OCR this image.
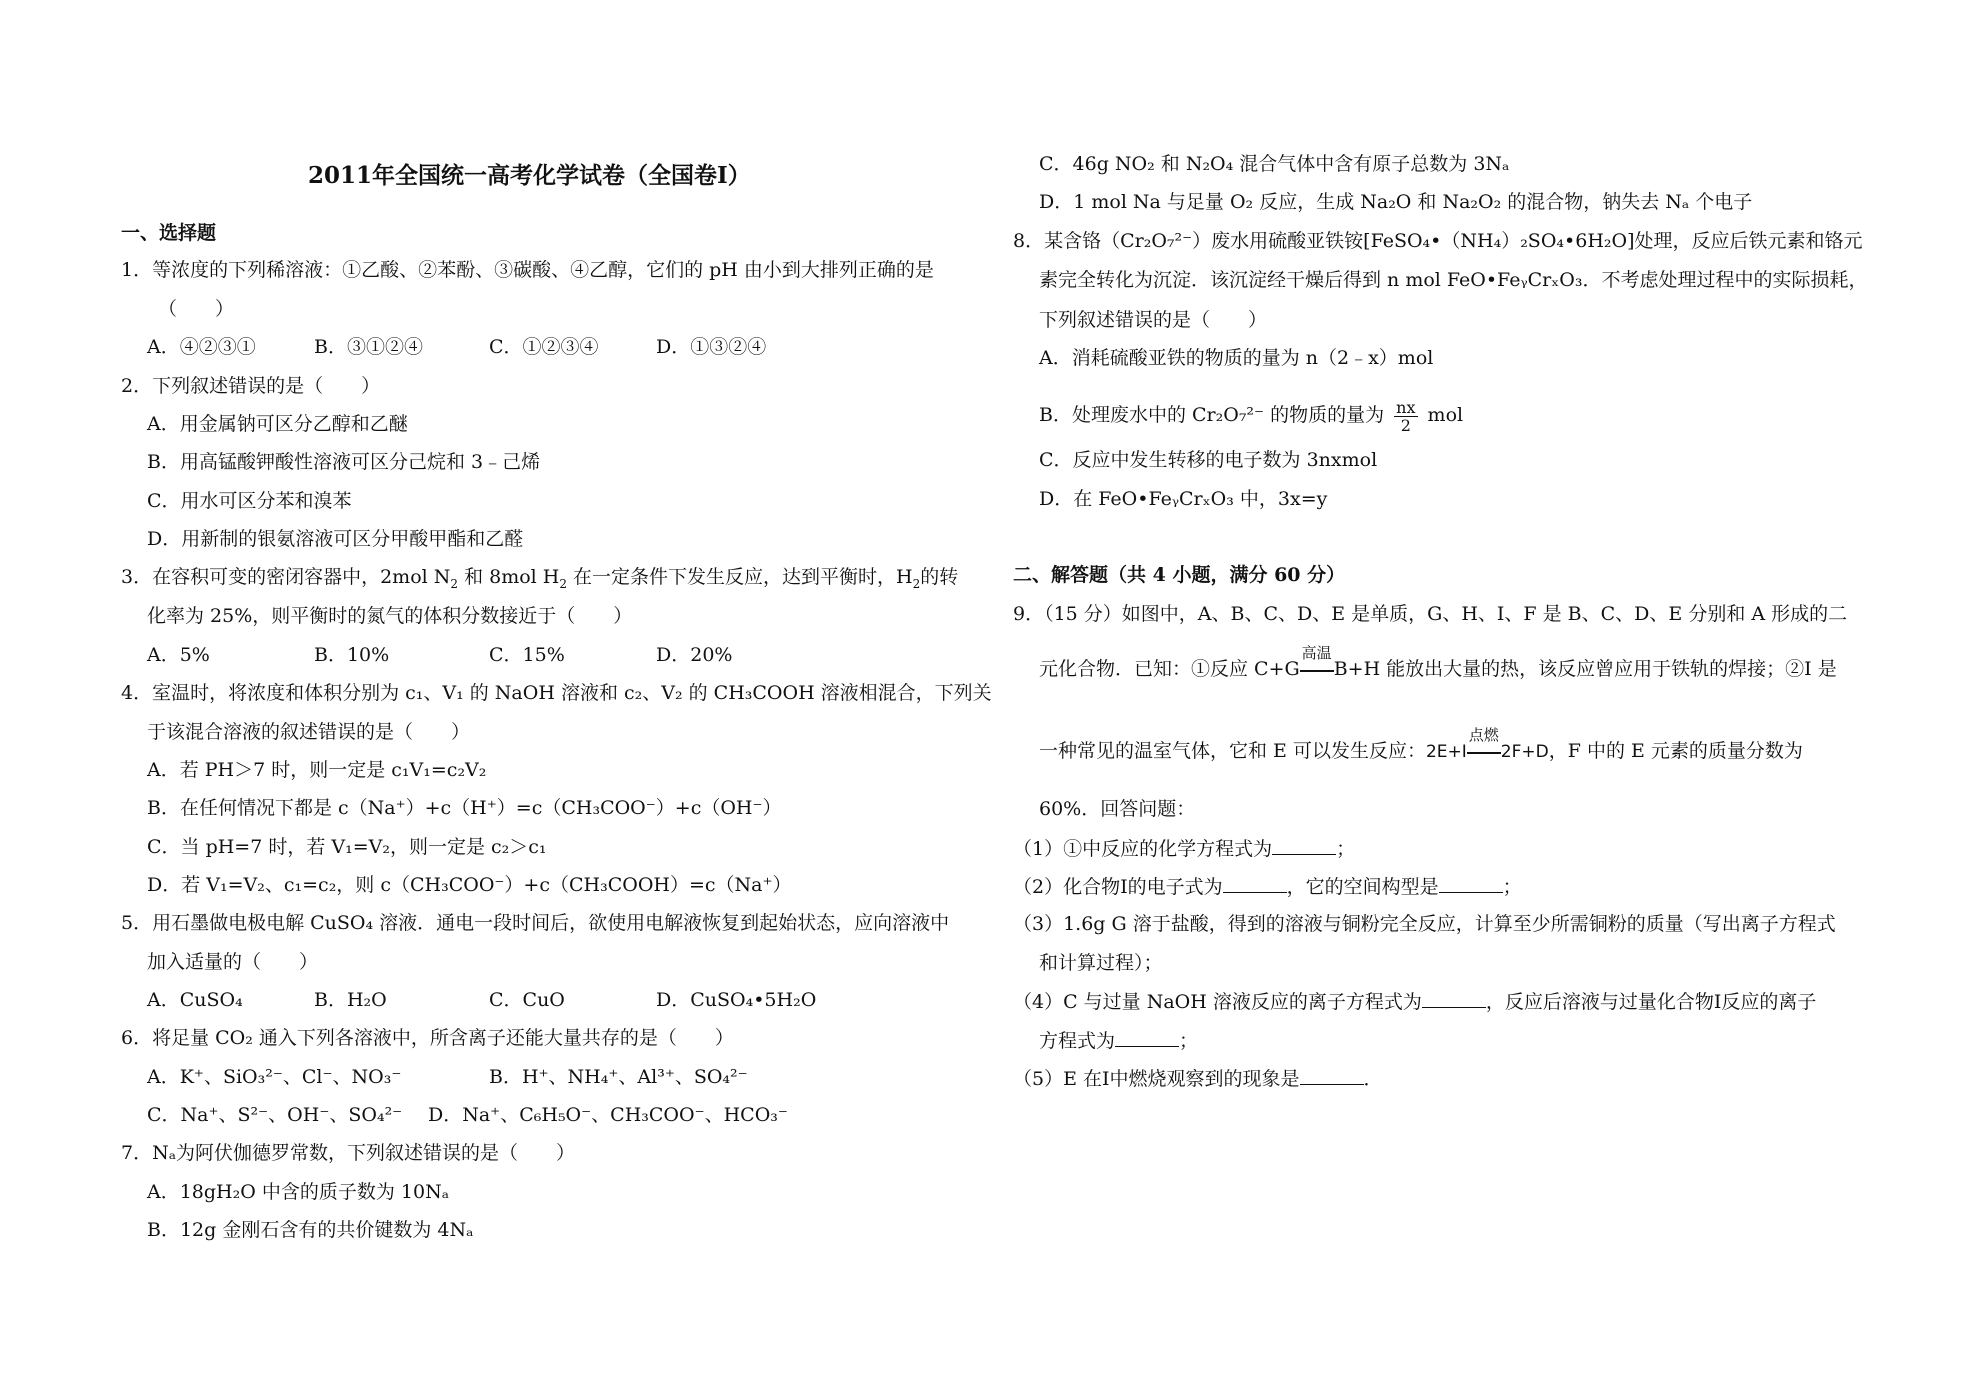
2011年全国统一高考化学试卷（全国卷Ⅰ）
一、选择题
1．等浓度的下列稀溶液：①乙酸、②苯酚、③碳酸、④乙醇，它们的 pH 由小到大排列正确的是
（　　）
A．④②③①	B．③①②④	C．①②③④	D．①③②④
2．下列叙述错误的是（　　）
A．用金属钠可区分乙醇和乙醚
B．用高锰酸钾酸性溶液可区分己烷和 3﹣己烯
C．用水可区分苯和溴苯
D．用新制的银氨溶液可区分甲酸甲酯和乙醛
3．在容积可变的密闭容器中，2mol $N_2$ 和 8mol $H_2$ 在一定条件下发生反应，达到平衡时，$H_2$的转
化率为 25%，则平衡时的氮气的体积分数接近于（　　）
A．5%	B．10%	C．15%	D．20%
4．室温时，将浓度和体积分别为 c₁、V₁ 的 NaOH 溶液和 c₂、V₂ 的 CH₃COOH 溶液相混合，下列关
于该混合溶液的叙述错误的是（　　）
A．若 PH＞7 时，则一定是 c₁V₁=c₂V₂
B．在任何情况下都是 c（Na⁺）+c（H⁺）=c（CH₃COO⁻）+c（OH⁻）
C．当 pH=7 时，若 V₁=V₂，则一定是 c₂＞c₁
D．若 V₁=V₂、c₁=c₂，则 c（CH₃COO⁻）+c（CH₃COOH）=c（Na⁺）
5．用石墨做电极电解 CuSO₄ 溶液．通电一段时间后，欲使用电解液恢复到起始状态，应向溶液中
加入适量的（　　）
A．CuSO₄	B．H₂O	C．CuO	D．CuSO₄•5H₂O
6．将足量 CO₂ 通入下列各溶液中，所含离子还能大量共存的是（　　）
A．K⁺、SiO₃²⁻、Cl⁻、NO₃⁻	B．H⁺、NH₄⁺、Al³⁺、SO₄²⁻
C．Na⁺、S²⁻、OH⁻、SO₄²⁻ D．Na⁺、C₆H₅O⁻、CH₃COO⁻、HCO₃⁻
7．Nₐ为阿伏伽德罗常数，下列叙述错误的是（　　）
A．18gH₂O 中含的质子数为 10Nₐ
B．12g 金刚石含有的共价键数为 4Nₐ
C．46g NO₂ 和 N₂O₄ 混合气体中含有原子总数为 3Nₐ
D．1 mol Na 与足量 O₂ 反应，生成 Na₂O 和 Na₂O₂ 的混合物，钠失去 Nₐ 个电子
8．某含铬（Cr₂O₇²⁻）废水用硫酸亚铁铵[FeSO₄•（NH₄）₂SO₄•6H₂O]处理，反应后铁元素和铬元
素完全转化为沉淀．该沉淀经干燥后得到 n mol FeO•FeᵧCrₓO₃．不考虑处理过程中的实际损耗，
下列叙述错误的是（　　）
A．消耗硫酸亚铁的物质的量为 n（2﹣x）mol
B．处理废水中的 Cr₂O₇²⁻ 的物质的量为 $\frac{nx}{2}$ mol
C．反应中发生转移的电子数为 3nxmol
D．在 FeO•FeᵧCrₓO₃ 中，3x=y
二、解答题（共 4 小题，满分 60 分）
9．（15 分）如图中，A、B、C、D、E 是单质，G、H、I、F 是 B、C、D、E 分别和 A 形成的二
元化合物．已知：①反应 C+G
高温
B+H 能放出大量的热，该反应曾应用于铁轨的焊接；②I 是
一种常见的温室气体，它和 E 可以发生反应：2E+I
点燃
2F+D，F 中的 E 元素的质量分数为
60%．回答问题：
（1）①中反应的化学方程式为	；
（2）化合物Ⅰ的电子式为	，它的空间构型是	；
（3）1.6g G 溶于盐酸，得到的溶液与铜粉完全反应，计算至少所需铜粉的质量（写出离子方程式
和计算过程）；
（4）C 与过量 NaOH 溶液反应的离子方程式为	，反应后溶液与过量化合物Ⅰ反应的离子
方程式为	；
（5）E 在Ⅰ中燃烧观察到的现象是	．
